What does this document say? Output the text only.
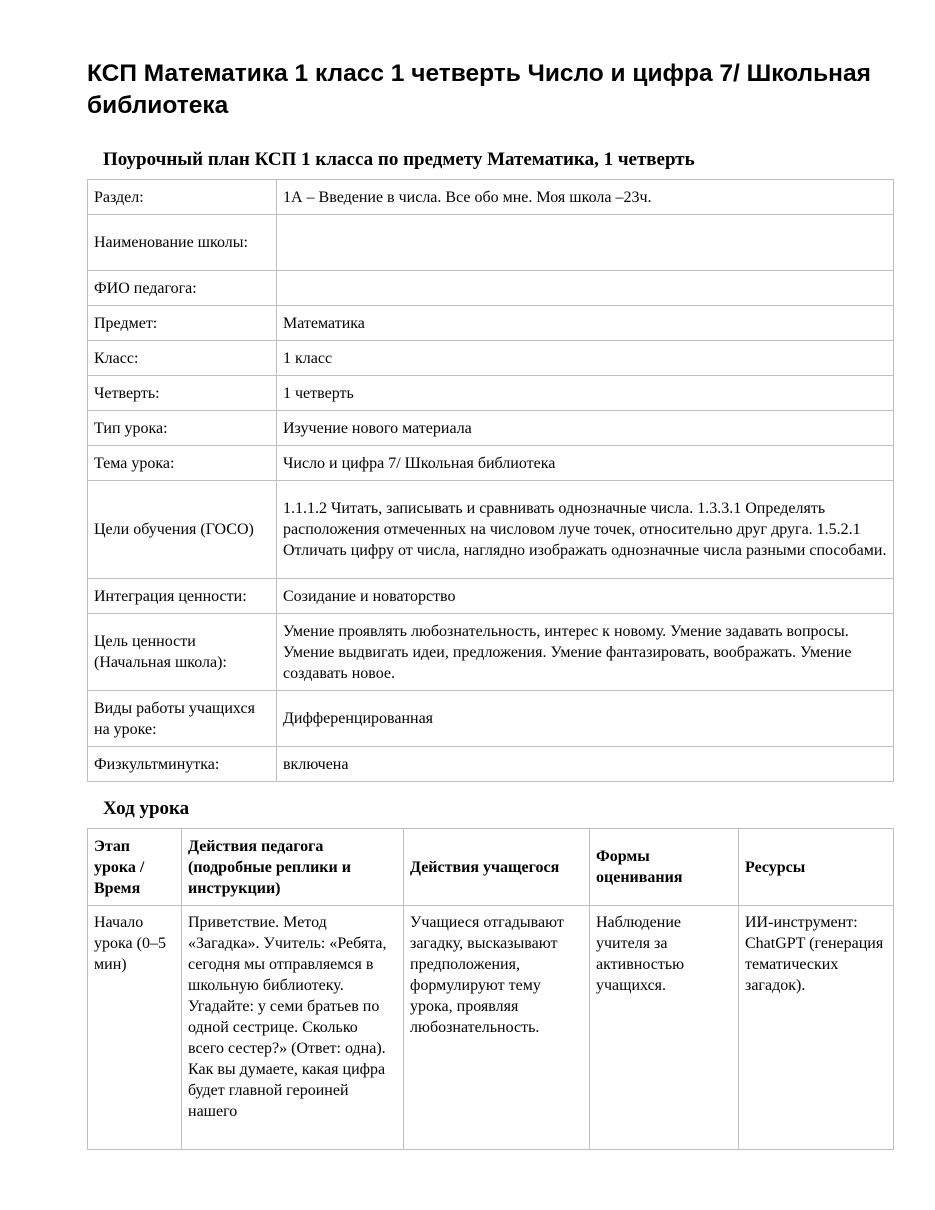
КСП Математика 1 класс 1 четверть Число и цифра 7/ Школьная библиотека
Поурочный план КСП 1 класса по предмету Математика, 1 четверть
Раздел:	1А – Введение в числа. Все обо мне. Моя школа –23ч.
Наименование школы:	
ФИО педагога:	
Предмет:	Математика
Класс:	1 класс
Четверть:	1 четверть
Тип урока:	Изучение нового материала
Тема урока:	Число и цифра 7/ Школьная библиотека
Цели обучения (ГОСО)	1.1.1.2 Читать, записывать и сравнивать однозначные числа. 1.3.3.1 Определять расположения отмеченных на числовом луче точек, относительно друг друга. 1.5.2.1 Отличать цифру от числа, наглядно изображать однозначные числа разными способами.
Интеграция ценности:	Созидание и новаторство
Цель ценности (Начальная школа):	Умение проявлять любознательность, интерес к новому. Умение задавать вопросы. Умение выдвигать идеи, предложения. Умение фантазировать, воображать. Умение создавать новое.
Виды работы учащихся на уроке:	Дифференцированная
Физкультминутка:	включена
Ход урока
Этап урока / Время	Действия педагога (подробные реплики и инструкции)	Действия учащегося	Формы оценивания	Ресурсы
Начало урока (0–5 мин)	Приветствие. Метод «Загадка». Учитель: «Ребята, сегодня мы отправляемся в школьную библиотеку. Угадайте: у семи братьев по одной сестрице. Сколько всего сестер?» (Ответ: одна). Как вы думаете, какая цифра будет главной героиней нашего	Учащиеся отгадывают загадку, высказывают предположения, формулируют тему урока, проявляя любознательность.	Наблюдение учителя за активностью учащихся.	ИИ-инструмент: ChatGPT (генерация тематических загадок).
